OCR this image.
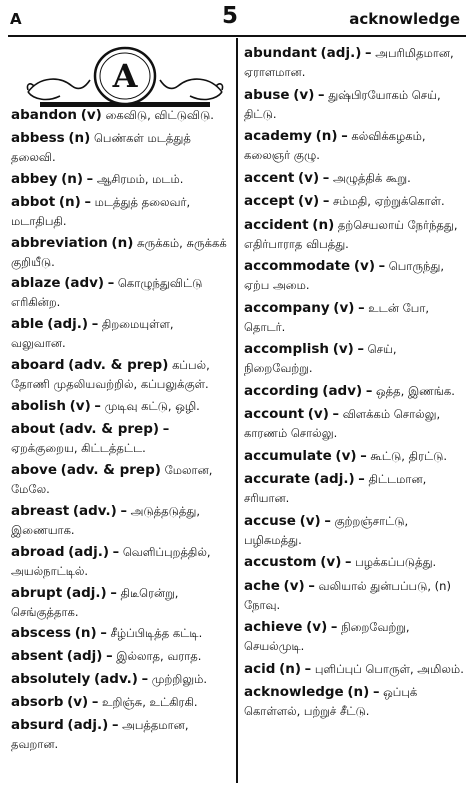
A	5	acknowledge
A
abandon (v) கைவிடு, விட்டுவிடு.
abbess (n) பெண்கள் மடத்துத் தலைவி.
abbey (n) – ஆசிரமம், மடம்.
abbot (n) – மடத்துத் தலைவர், மடாதிபதி.
abbreviation (n) சுருக்கம், சுருக்கக் குறியீடு.
ablaze (adv) – கொழுந்துவிட்டு எரிகின்ற.
able (adj.) – திறமையுள்ள, வலுவான.
aboard (adv. & prep) கப்பல், தோணி முதலியவற்றில், கப்பலுக்குள்.
abolish (v) – முடிவு கட்டு, ஒழி.
about (adv. & prep) – ஏறக்குறைய, கிட்டத்தட்ட.
above (adv. & prep) மேலான, மேலே.
abreast (adv.) – அடுத்தடுத்து, இணையாக.
abroad (adj.) – வெளிப்புறத்தில், அயல்நாட்டில்.
abrupt (adj.) – திடீரென்று, செங்குத்தாக.
abscess (n) – சீழ்ப்பிடித்த கட்டி.
absent (adj) – இல்லாத, வராத.
absolutely (adv.) – முற்றிலும்.
absorb (v) – உறிஞ்சு, உட்கிரகி.
absurd (adj.) – அபத்தமான, தவறான.
abundant (adj.) – அபரிமிதமான, ஏராளமான.
abuse (v) – துஷ்பிரயோகம் செய், திட்டு.
academy (n) – கல்விக்கழகம், கலைஞர் குழு.
accent (v) – அழுத்திக் கூறு.
accept (v) – சம்மதி, ஏற்றுக்கொள்.
accident (n) தற்செயலாய் நேர்ந்தது, எதிர்பாராத விபத்து.
accommodate (v) – பொருந்து, ஏற்ப அமை.
accompany (v) – உடன் போ, தொடர்.
accomplish (v) – செய், நிறைவேற்று.
according (adv) – ஒத்த, இணங்க.
account (v) – விளக்கம் சொல்லு, காரணம் சொல்லு.
accumulate (v) – கூட்டு, திரட்டு.
accurate (adj.) – திட்டமான, சரியான.
accuse (v) – குற்றஞ்சாட்டு, பழிசுமத்து.
accustom (v) – பழக்கப்படுத்து.
ache (v) – வலியால் துன்பப்படு, (n) நோவு.
achieve (v) – நிறைவேற்று, செயல்முடி.
acid (n) – புளிப்புப் பொருள், அமிலம்.
acknowledge (n) – ஒப்புக் கொள்ளல், பற்றுச் சீட்டு.
